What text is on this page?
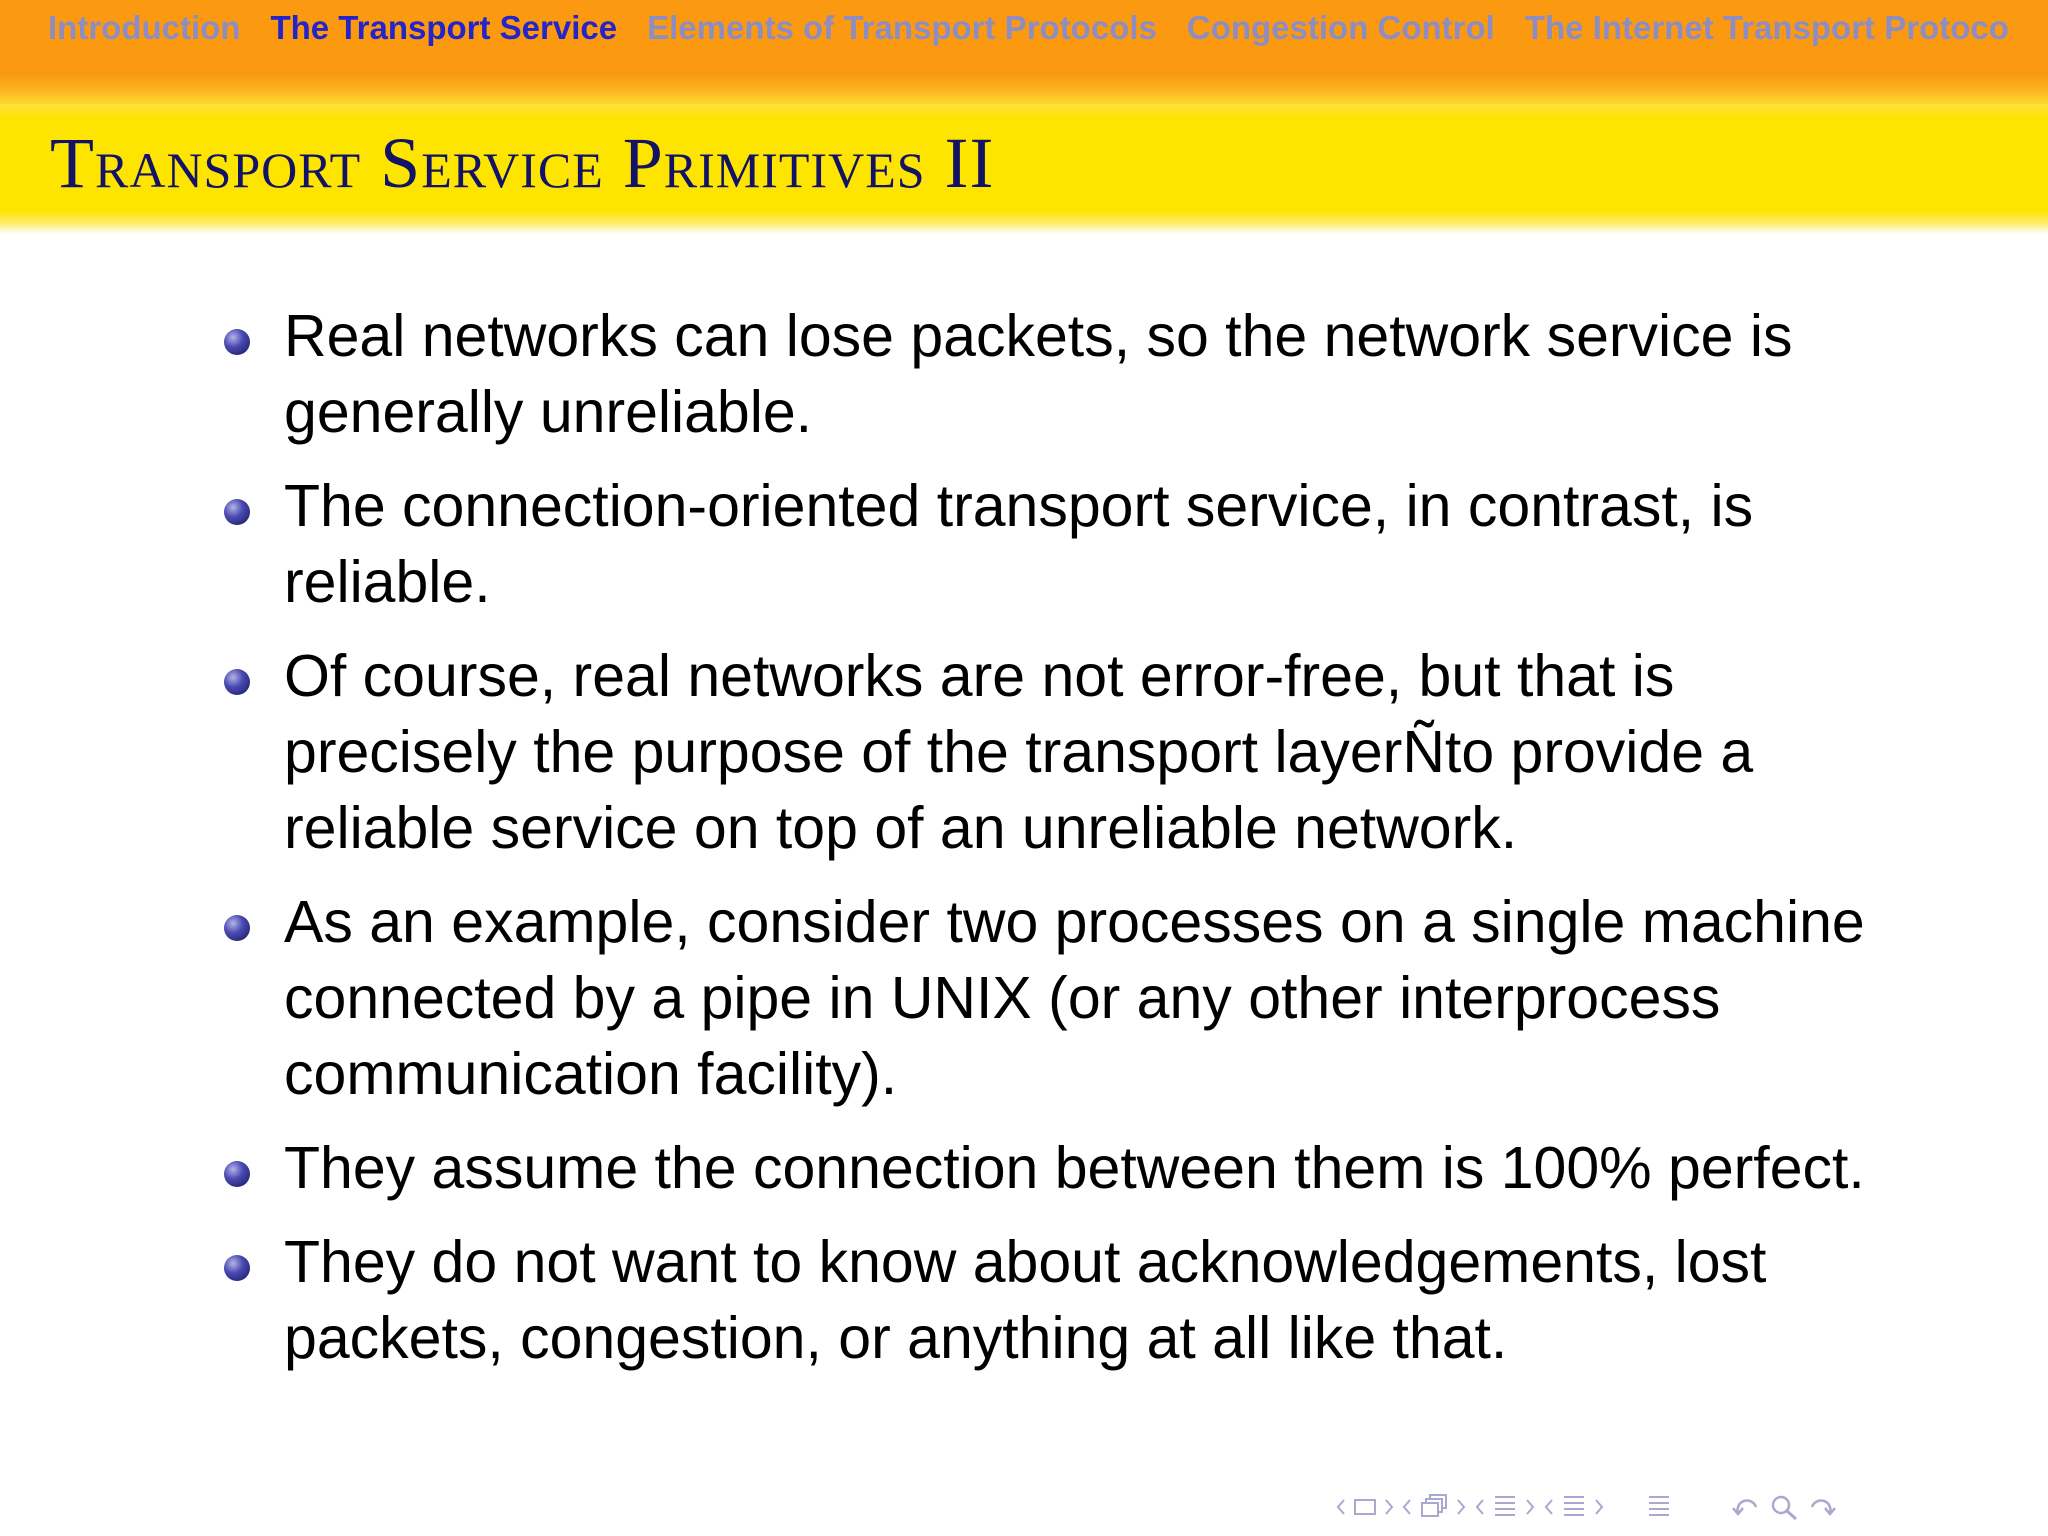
Introduction The Transport Service Elements of Transport Protocols Congestion Control The Internet Transport Protoco
Transport Service Primitives II
Real networks can lose packets, so the network service is generally unreliable.
The connection-oriented transport service, in contrast, is reliable.
Of course, real networks are not error-free, but that is precisely the purpose of the transport layerÑto provide a reliable service on top of an unreliable network.
As an example, consider two processes on a single machine connected by a pipe in UNIX (or any other interprocess communication facility).
They assume the connection between them is 100% perfect.
They do not want to know about acknowledgements, lost packets, congestion, or anything at all like that.
